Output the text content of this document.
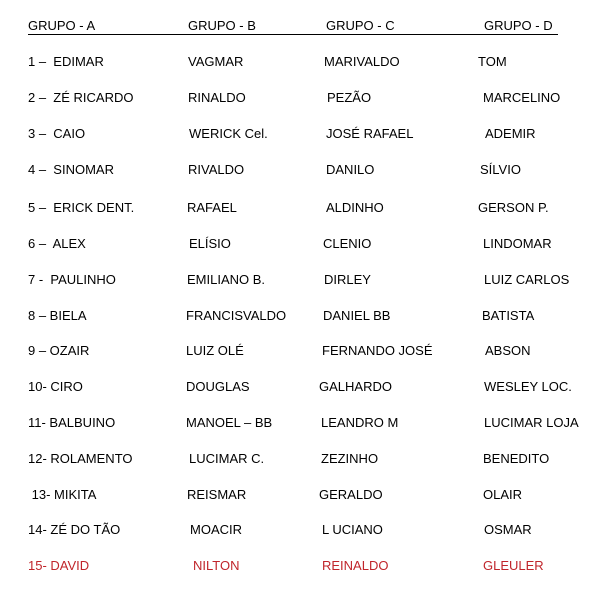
GRUPO - A	GRUPO - B	GRUPO - C	GRUPO - D
1 –  EDIMAR	VAGMAR	MARIVALDO	TOM
2 –  ZÉ RICARDO	RINALDO	PEZÃO	MARCELINO
3 –  CAIO	WERICK Cel.	JOSÉ RAFAEL	ADEMIR
4 –  SINOMAR	RIVALDO	DANILO	SÍLVIO
5 –  ERICK DENT.	RAFAEL	ALDINHO	GERSON P.
6 –  ALEX	ELÍSIO	CLENIO	LINDOMAR
7 -  PAULINHO	EMILIANO B.	DIRLEY	LUIZ CARLOS
8 – BIELA	FRANCISVALDO	DANIEL BB	BATISTA
9 – OZAIR	LUIZ OLÉ	FERNANDO JOSÉ	ABSON
10- CIRO	DOUGLAS	GALHARDO	WESLEY LOC.
11- BALBUINO	MANOEL – BB	LEANDRO M	LUCIMAR LOJA
12- ROLAMENTO	LUCIMAR C.	ZEZINHO	BENEDITO
13- MIKITA	REISMAR	GERALDO	OLAIR
14- ZÉ DO TÃO	MOACIR	L UCIANO	OSMAR
15- DAVID	NILTON	REINALDO	GLEULER
